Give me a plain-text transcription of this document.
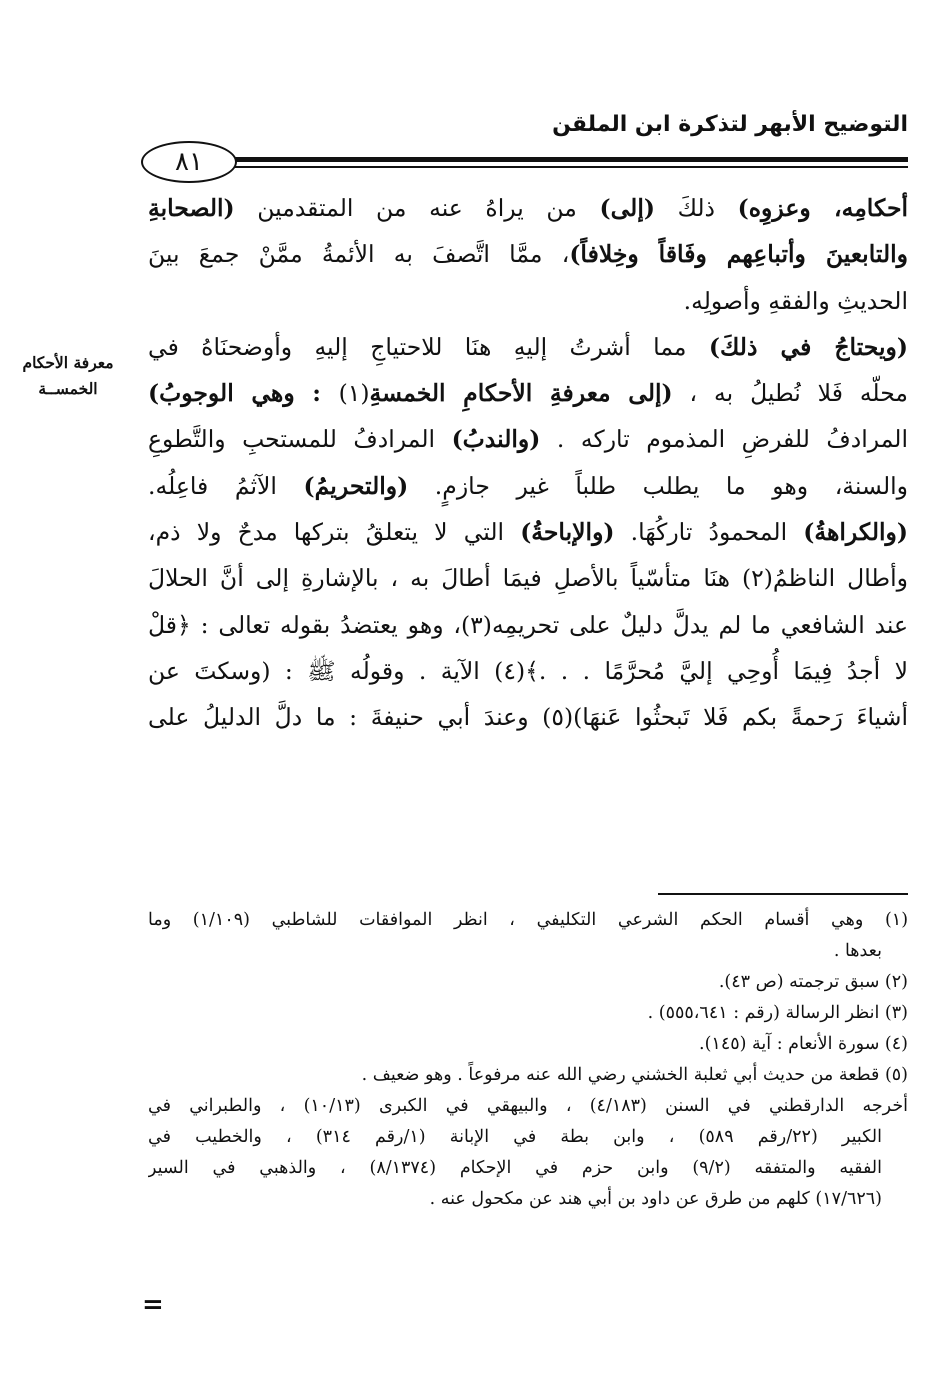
التوضيح الأبهر لتذكرة ابن الملقن
٨١
معرفة الأحكام
الخمســة
أحكامِه، وعزوِه) ذلكَ (إلى) من يراهُ عنه من المتقدمين (الصحابةِ
والتابعينَ وأتباعِهم وفَاقاً وخِلافاً)، ممَّا اتَّصفَ به الأئمةُ ممَّنْ جمعَ بينَ
الحديثِ والفقهِ وأصولِه.
(ويحتاجُ في ذلكَ) مما أشرتُ إليهِ هنَا للاحتياجِ إليهِ وأوضحنَاهُ في
محلّه فَلا نُطيلُ به ، (إلى معرفةِ الأحكامِ الخمسةِ(١) : وهي الوجوبُ)
المرادفُ للفرضِ المذموم تاركه . (والندبُ) المرادفُ للمستحبِ والتَّطوعِ
والسنة، وهو ما يطلب طلباً غير جازمٍ. (والتحريمُ) الآثمُ فاعِلُه.
(والكراهةُ) المحمودُ تاركُهَا. (والإباحةُ) التي لا يتعلقُ بتركها مدحٌ ولا ذم،
وأطال الناظمُ(٢) هنَا متأسّياً بالأصلِ فيمَا أطالَ به ، بالإشارةِ إلى أنَّ الحلالَ
عند الشافعي ما لم يدلَّ دليلٌ على تحريمِه(٣)، وهو يعتضدُ بقوله تعالى : ﴿قلْ
لا أجدُ فِيمَا أُوحِي إليَّ مُحرَّمًا . . .﴾(٤) الآية . وقولُه ﷺ : (وسكتَ عن
أشياءَ رَحمةً بكم فَلا تَبحثُوا عَنهَا)(٥) وعندَ أبي حنيفةَ : ما دلَّ الدليلُ على
(١) وهي أقسام الحكم الشرعي التكليفي ، انظر الموافقات للشاطبي (١/١٠٩) وما
بعدها .
(٢) سبق ترجمته (ص ٤٣).
(٣) انظر الرسالة (رقم : ٥٥٥،٦٤١) .
(٤) سورة الأنعام : آية (١٤٥).
(٥) قطعة من حديث أبي ثعلبة الخشني رضي الله عنه مرفوعاً . وهو ضعيف .
أخرجه الدارقطني في السنن (٤/١٨٣) ، والبيهقي في الكبرى (١٠/١٣) ، والطبراني في
الكبير (٢٢/رقم ٥٨٩) ، وابن بطة في الإبانة (١/رقم ٣١٤) ، والخطيب في
الفقيه والمتفقه (٩/٢) وابن حزم في الإحكام (٨/١٣٧٤) ، والذهبي في السير
(١٧/٦٢٦) كلهم من طرق عن داود بن أبي هند عن مكحول عنه .
=
